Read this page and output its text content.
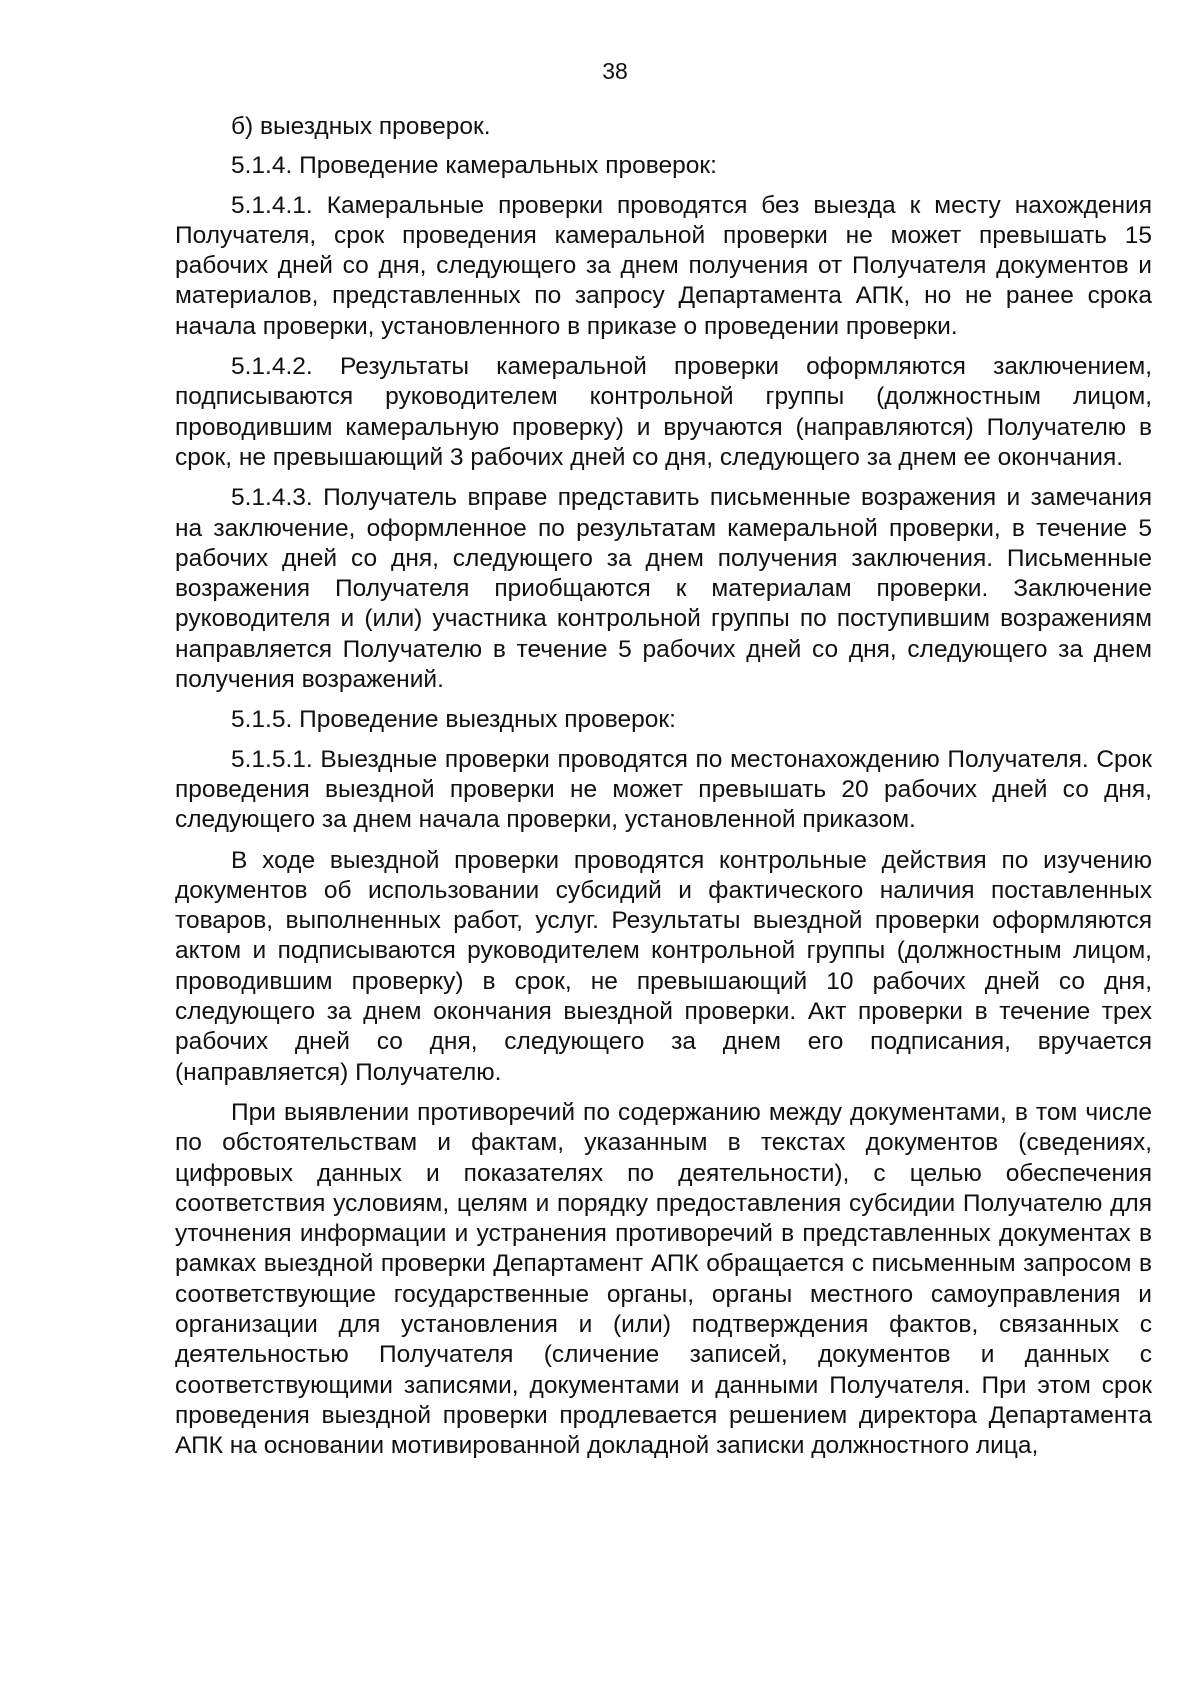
38

б) выездных проверок.

5.1.4. Проведение камеральных проверок:

5.1.4.1. Камеральные проверки проводятся без выезда к месту нахождения Получателя, срок проведения камеральной проверки не может превышать 15 рабочих дней со дня, следующего за днем получения от Получателя документов и материалов, представленных по запросу Департамента АПК, но не ранее срока начала проверки, установленного в приказе о проведении проверки.

5.1.4.2. Результаты камеральной проверки оформляются заключением, подписываются руководителем контрольной группы (должностным лицом, проводившим камеральную проверку) и вручаются (направляются) Получателю в срок, не превышающий 3 рабочих дней со дня, следующего за днем ее окончания.

5.1.4.3. Получатель вправе представить письменные возражения и замечания на заключение, оформленное по результатам камеральной проверки, в течение 5 рабочих дней со дня, следующего за днем получения заключения. Письменные возражения Получателя приобщаются к материалам проверки. Заключение руководителя и (или) участника контрольной группы по поступившим возражениям направляется Получателю в течение 5 рабочих дней со дня, следующего за днем получения возражений.

5.1.5. Проведение выездных проверок:

5.1.5.1. Выездные проверки проводятся по местонахождению Получателя. Срок проведения выездной проверки не может превышать 20 рабочих дней со дня, следующего за днем начала проверки, установленной приказом.

В ходе выездной проверки проводятся контрольные действия по изучению документов об использовании субсидий и фактического наличия поставленных товаров, выполненных работ, услуг. Результаты выездной проверки оформляются актом и подписываются руководителем контрольной группы (должностным лицом, проводившим проверку) в срок, не превышающий 10 рабочих дней со дня, следующего за днем окончания выездной проверки. Акт проверки в течение трех рабочих дней со дня, следующего за днем его подписания, вручается (направляется) Получателю.

При выявлении противоречий по содержанию между документами, в том числе по обстоятельствам и фактам, указанным в текстах документов (сведениях, цифровых данных и показателях по деятельности), с целью обеспечения соответствия условиям, целям и порядку предоставления субсидии Получателю для уточнения информации и устранения противоречий в представленных документах в рамках выездной проверки Департамент АПК обращается с письменным запросом в соответствующие государственные органы, органы местного самоуправления и организации для установления и (или) подтверждения фактов, связанных с деятельностью Получателя (сличение записей, документов и данных с соответствующими записями, документами и данными Получателя. При этом срок проведения выездной проверки продлевается решением директора Департамента АПК на основании мотивированной докладной записки должностного лица,
